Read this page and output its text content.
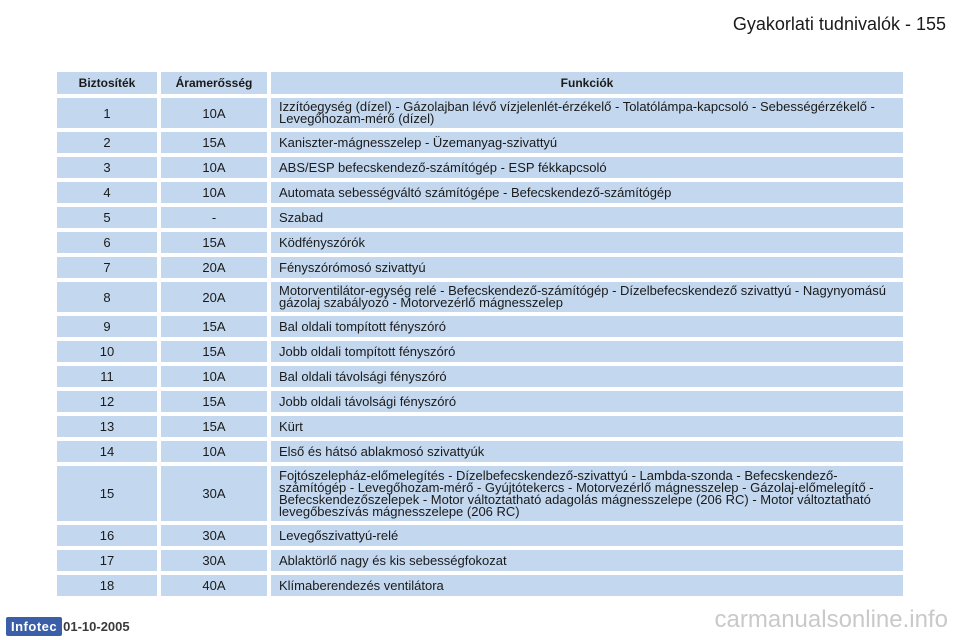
Gyakorlati tudnivalók - 155
Biztosíték	Áramerősség	Funkciók
1	10A	Izzítóegység (dízel) - Gázolajban lévő vízjelenlét-érzékelő - Tolatólámpa-kapcsoló - Sebességérzékelő - Levegőhozam-mérő (dízel)
2	15A	Kaniszter-mágnesszelep - Üzemanyag-szivattyú
3	10A	ABS/ESP befecskendező-számítógép - ESP fékkapcsoló
4	10A	Automata sebességváltó számítógépe - Befecskendező-számítógép
5	-	Szabad
6	15A	Ködfényszórók
7	20A	Fényszórómosó szivattyú
8	20A	Motorventilátor-egység relé - Befecskendező-számítógép - Dízelbefecskendező szivattyú - Nagynyomású gázolaj szabályozó - Motorvezérlő mágnesszelep
9	15A	Bal oldali tompított fényszóró
10	15A	Jobb oldali tompított fényszóró
11	10A	Bal oldali távolsági fényszóró
12	15A	Jobb oldali távolsági fényszóró
13	15A	Kürt
14	10A	Első és hátsó ablakmosó szivattyúk
15	30A	Fojtószelepház-előmelegítés - Dízelbefecskendező-szivattyú - Lambda-szonda - Befecskendező-számítógép - Levegőhozam-mérő - Gyújtótekercs - Motorvezérlő mágnesszelep - Gázolaj-előmelegítő - Befecskendezőszelepek - Motor változtatható adagolás mágnesszelepe (206 RC) - Motor változtatható levegőbeszívás mágnesszelepe (206 RC)
16	30A	Levegőszivattyú-relé
17	30A	Ablaktörlő nagy és kis sebességfokozat
18	40A	Klímaberendezés ventilátora
Infotec 01-10-2005	carmanualsonline.info
